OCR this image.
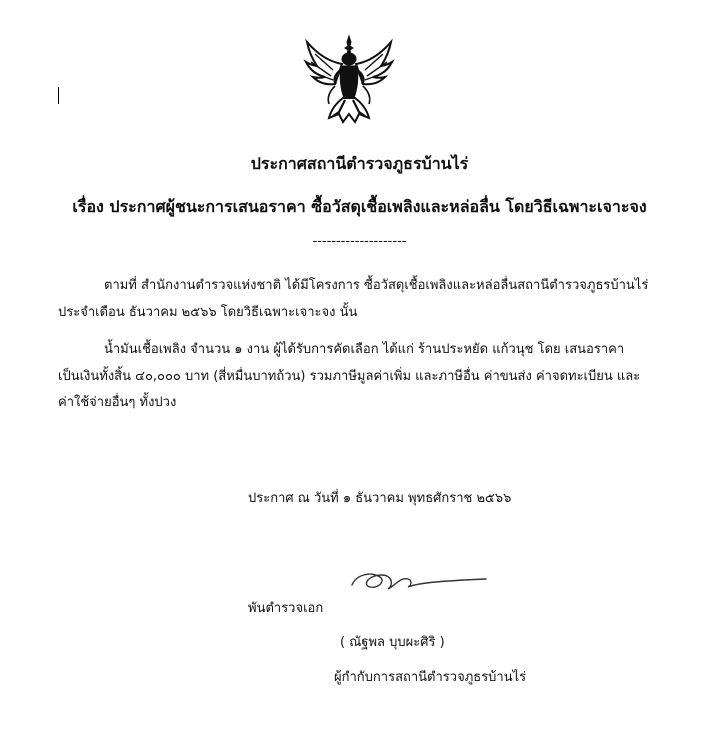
ประกาศสถานีตำรวจภูธรบ้านไร่
เรื่อง ประกาศผู้ชนะการเสนอราคา ซื้อวัสดุเชื้อเพลิงและหล่อลื่น โดยวิธีเฉพาะเจาะจง
--------------------

ตามที่ สำนักงานตำรวจแห่งชาติ ได้มีโครงการ ซื้อวัสดุเชื้อเพลิงและหล่อลื่นสถานีตำรวจภูธรบ้านไร่

ประจำเดือน ธันวาคม ๒๕๖๖ โดยวิธีเฉพาะเจาะจง นั้น

น้ำมันเชื้อเพลิง จำนวน ๑ งาน ผู้ได้รับการคัดเลือก ได้แก่ ร้านประหยัด แก้วนุช โดย เสนอราคา

เป็นเงินทั้งสิ้น ๔๐,๐๐๐ บาท (สี่หมื่นบาทถ้วน) รวมภาษีมูลค่าเพิ่ม และภาษีอื่น ค่าขนส่ง ค่าจดทะเบียน และ

ค่าใช้จ่ายอื่นๆ ทั้งปวง

ประกาศ ณ วันที่ ๑ ธันวาคม พุทธศักราช ๒๕๖๖

พันตำรวจเอก

( ณัฐพล บุบผะศิริ )

ผู้กำกับการสถานีตำรวจภูธรบ้านไร่
